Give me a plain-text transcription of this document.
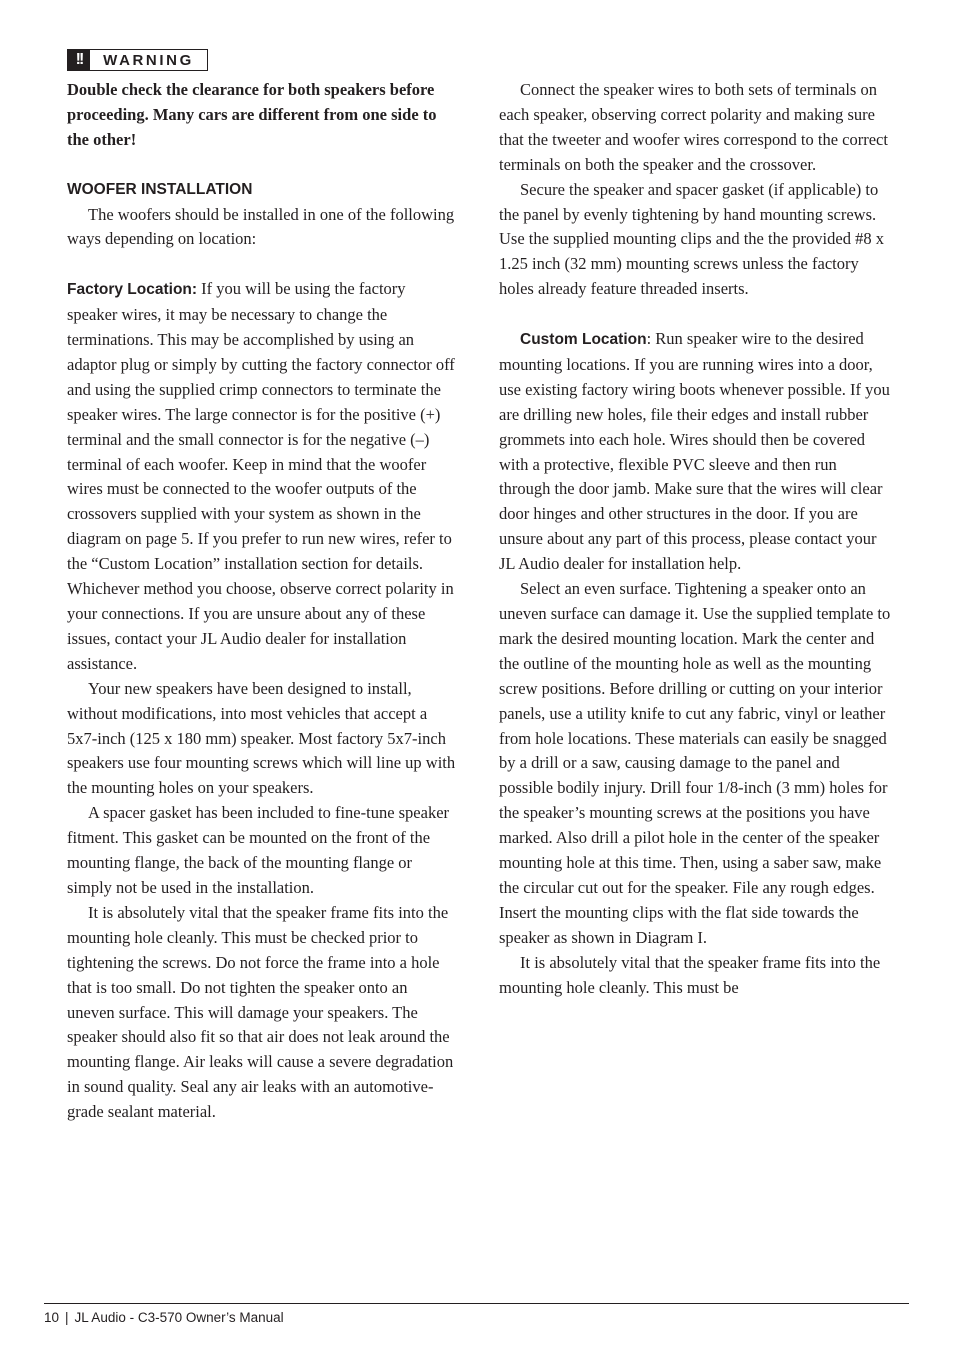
!!	WARNING

Double check the clearance for both speakers before proceeding. Many cars are different from one side to the other!

WOOFER INSTALLATION

The woofers should be installed in one of the following ways depending on location:

Factory Location: If you will be using the factory speaker wires, it may be necessary to change the terminations. This may be accomplished by using an adaptor plug or simply by cutting the factory connector off and using the supplied crimp connectors to terminate the speaker wires. The large connector is for the positive (+) terminal and the small connector is for the negative (–) terminal of each woofer. Keep in mind that the woofer wires must be connected to the woofer outputs of the crossovers supplied with your system as shown in the diagram on page 5. If you prefer to run new wires, refer to the “Custom Location” installation section for details. Whichever method you choose, observe correct polarity in your connections. If you are unsure about any of these issues, contact your JL Audio dealer for installation assistance.

Your new speakers have been designed to install, without modifications, into most vehicles that accept a 5x7-inch (125 x 180 mm) speaker. Most factory 5x7-inch speakers use four mounting screws which will line up with the mounting holes on your speakers.

A spacer gasket has been included to fine-tune speaker fitment. This gasket can be mounted on the front of the mounting flange, the back of the mounting flange or simply not be used in the installation.

It is absolutely vital that the speaker frame fits into the mounting hole cleanly. This must be checked prior to tightening the screws. Do not force the frame into a hole that is too small. Do not tighten the speaker onto an uneven surface. This will damage your speakers. The speaker should also fit so that air does not leak around the mounting flange. Air leaks will cause a severe degradation in sound quality. Seal any air leaks with an automotive-grade sealant material.

Connect the speaker wires to both sets of terminals on each speaker, observing correct polarity and making sure that the tweeter and woofer wires correspond to the correct terminals on both the speaker and the crossover.

Secure the speaker and spacer gasket (if applicable) to the panel by evenly tightening by hand mounting screws. Use the supplied mounting clips and the the provided #8 x 1.25 inch (32 mm) mounting screws unless the factory holes already feature threaded inserts.

Custom Location: Run speaker wire to the desired mounting locations. If you are running wires into a door, use existing factory wiring boots whenever possible. If you are drilling new holes, file their edges and install rubber grommets into each hole. Wires should then be covered with a protective, flexible PVC sleeve and then run through the door jamb. Make sure that the wires will clear door hinges and other structures in the door. If you are unsure about any part of this process, please contact your JL Audio dealer for installation help.

Select an even surface. Tightening a speaker onto an uneven surface can damage it. Use the supplied template to mark the desired mounting location. Mark the center and the outline of the mounting hole as well as the mounting screw positions. Before drilling or cutting on your interior panels, use a utility knife to cut any fabric, vinyl or leather from hole locations. These materials can easily be snagged by a drill or a saw, causing damage to the panel and possible bodily injury. Drill four 1/8-inch (3 mm) holes for the speaker’s mounting screws at the positions you have marked. Also drill a pilot hole in the center of the speaker mounting hole at this time. Then, using a saber saw, make the circular cut out for the speaker. File any rough edges. Insert the mounting clips with the flat side towards the speaker as shown in Diagram I.

It is absolutely vital that the speaker frame fits into the mounting hole cleanly. This must be

10 | JL Audio - C3-570 Owner’s Manual
